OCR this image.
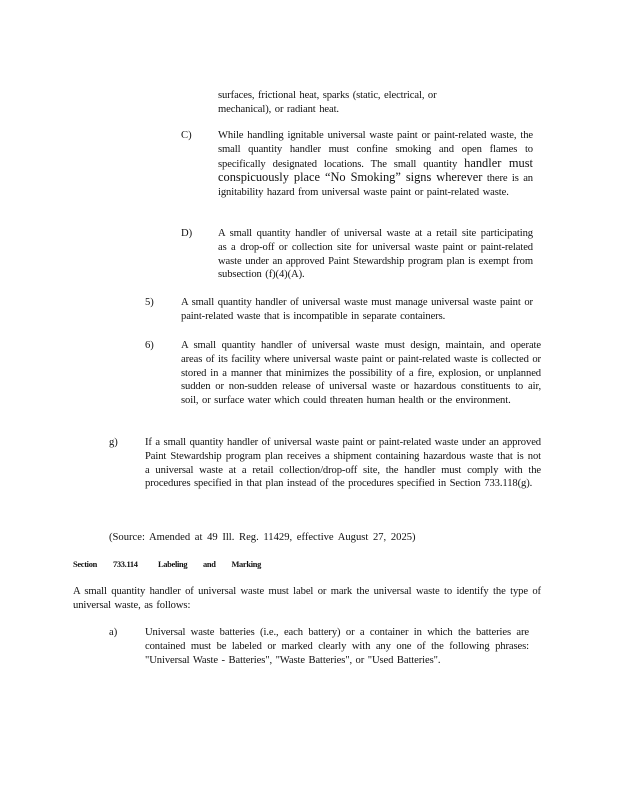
surfaces, frictional heat, sparks (static, electrical, or mechanical), or radiant heat.
C) While handling ignitable universal waste paint or paint-related waste, the small quantity handler must confine smoking and open flames to specifically designated locations. The small quantity handler must conspicuously place “No Smoking” signs wherever there is an ignitability hazard from universal waste paint or paint-related waste.
D) A small quantity handler of universal waste at a retail site participating as a drop-off or collection site for universal waste paint or paint-related waste under an approved Paint Stewardship program plan is exempt from subsection (f)(4)(A).
5)	A small quantity handler of universal waste must manage universal waste paint or paint-related waste that is incompatible in separate containers.
6)	A small quantity handler of universal waste must design, maintain, and operate areas of its facility where universal waste paint or paint-related waste is collected or stored in a manner that minimizes the possibility of a fire, explosion, or unplanned sudden or non-sudden release of universal waste or hazardous constituents to air, soil, or surface water which could threaten human health or the environment.
g)	If a small quantity handler of universal waste paint or paint-related waste under an approved Paint Stewardship program plan receives a shipment containing hazardous waste that is not a universal waste at a retail collection/drop-off site, the handler must comply with the procedures specified in that plan instead of the procedures specified in Section 733.118(g).
(Source: Amended at 49 Ill. Reg. 11429, effective August 27, 2025)
Section 733.114 Labeling and Marking
A small quantity handler of universal waste must label or mark the universal waste to identify the type of universal waste, as follows:
a)	Universal waste batteries (i.e., each battery) or a container in which the batteries are contained must be labeled or marked clearly with any one of the following phrases: "Universal Waste - Batteries", "Waste Batteries", or "Used Batteries".
